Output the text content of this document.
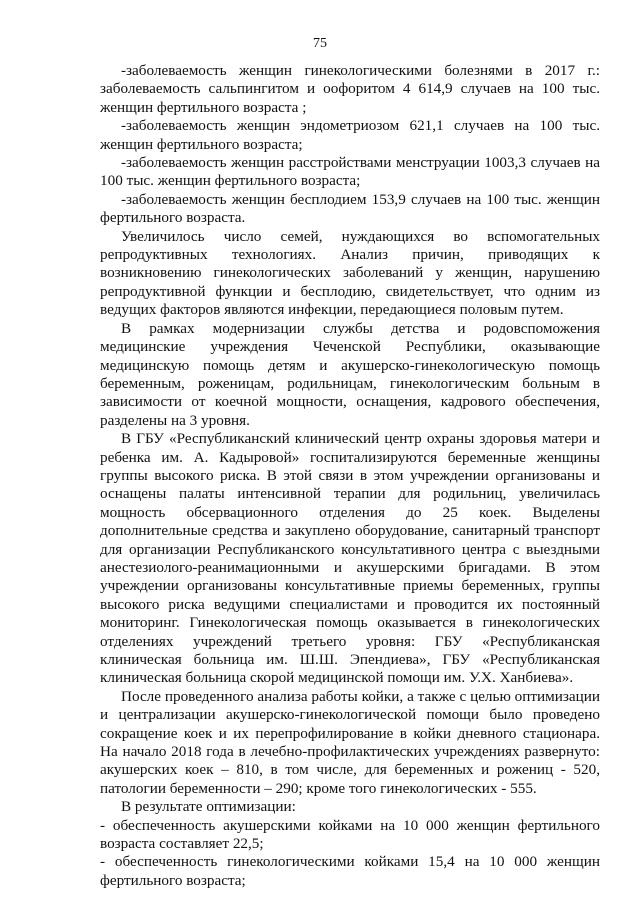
75

-заболеваемость женщин гинекологическими болезнями в 2017 г.: заболеваемость сальпингитом и оофоритом 4 614,9 случаев на 100 тыс. женщин фертильного возраста ;

-заболеваемость женщин эндометриозом 621,1 случаев на 100 тыс. женщин фертильного возраста;

-заболеваемость женщин расстройствами менструации 1003,3 случаев на 100 тыс. женщин фертильного возраста;

-заболеваемость женщин бесплодием 153,9 случаев на 100 тыс. женщин фертильного возраста.

Увеличилось число семей, нуждающихся во вспомогательных репродуктивных технологиях. Анализ причин, приводящих к возникновению гинекологических заболеваний у женщин, нарушению репродуктивной функции и бесплодию, свидетельствует, что одним из ведущих факторов являются инфекции, передающиеся половым путем.

В рамках модернизации службы детства и родовспоможения медицинские учреждения Чеченской Республики, оказывающие медицинскую помощь детям и акушерско-гинекологическую помощь беременным, роженицам, родильницам, гинекологическим больным в зависимости от коечной мощности, оснащения, кадрового обеспечения, разделены на 3 уровня.

В ГБУ «Республиканский клинический центр охраны здоровья матери и ребенка им. А. Кадыровой» госпитализируются беременные женщины группы высокого риска. В этой связи в этом учреждении организованы и оснащены палаты интенсивной терапии для родильниц, увеличилась мощность обсервационного отделения до 25 коек. Выделены дополнительные средства и закуплено оборудование, санитарный транспорт для организации Республиканского консультативного центра с выездными анестезиолого-реанимационными и акушерскими бригадами. В этом учреждении организованы консультативные приемы беременных, группы высокого риска ведущими специалистами и проводится их постоянный мониторинг. Гинекологическая помощь оказывается в гинекологических отделениях учреждений третьего уровня: ГБУ «Республиканская клиническая больница им. Ш.Ш. Эпендиева», ГБУ «Республиканская клиническая больница скорой медицинской помощи им. У.Х. Ханбиева».

После проведенного анализа работы койки, а также с целью оптимизации и централизации акушерско-гинекологической помощи было проведено сокращение коек и их перепрофилирование в койки дневного стационара. На начало 2018 года в лечебно-профилактических учреждениях развернуто: акушерских коек – 810, в том числе, для беременных и рожениц - 520, патологии беременности – 290; кроме того гинекологических - 555.

В результате оптимизации:

- обеспеченность акушерскими койками на 10 000 женщин фертильного возраста составляет 22,5;

- обеспеченность гинекологическими койками 15,4 на 10 000 женщин фертильного возраста;
